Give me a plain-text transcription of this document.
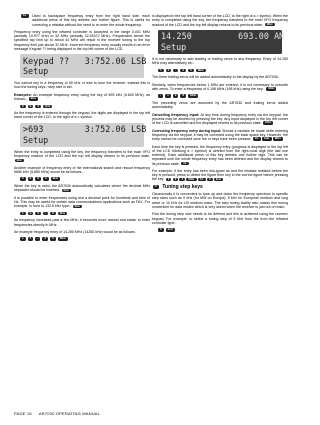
CL	Used to backspace frequency entry from the right hand side, each additional press of this key deletes one further figure. This is useful for correcting a mistake without the need to re-enter the whole frequency.

Frequency entry using the infrared controller is accepted in the range 0.001 MHz (actually 10.977 kHz) to 32 MHz (actually 32.01672 MHz). Frequencies above the specified top limit up to about 44 MHz will result in the receiver tuning to the top frequency limit just above 32 MHz. Incorrect frequency entry usually results in an error message Keypad ?? being displayed in the top left corner of the LCD.

Keypad ??   3:752.06 LSB
Setup

You cannot key in a frequency of 50 kHz or less to tune the receiver. Instead this is how the tuning keys / step size is set.

Examples: An example frequency entry using the key of 693 kHz (0.693 MHz), as follows:- kHz

6	9	3	kHz

As the frequency is entered through the keypad, the digits are displayed in the top left hand corner of the LCD, to the right of a > symbol.

>693        3:752.06 LSB
Setup

When the entry is completed using the key, the frequency transfers to the main VFO frequency readout of the LCD and the top left display returns to its previous state. kHz

Another example of frequency entry of the international search and rescue frequency 5680 kHz (5.680 MHz) would be as follows:-

5	6	8	0	kHz

When the key is used, the AR7030 automatically calculates where the decimal MHz separator should be inserted. kHz

It is possible to enter frequencies using and a decimal point for hundreds and tens of Hz. This may be useful for certain data communications applications such as FAX. For example, to tune to 132.5 kHz type:- kHz

1	3	2	•	5	kHz

As frequency increases past a few MHz, it becomes more natural and easier to enter frequencies directly in MHz.

An example frequency entry of 14.250 MHz (14250 kHz) would be as follows:-

1	4	•	2	5	MHz

is displayed in the top left hand corner of the LCD, to the right of a > symbol. When the entry is completed using the key, the frequency transfers to the main VFO frequency readout of the LCD and the top left display returns to its previous state. MHz

14.250         693.00 AM
Setup

It is not necessary to add leading or trailing zeros to any frequency. Entry of 14.250 MHz may alternatively be:-

1	4	•	2	5	MHz

The three trailing zeros will be added automatically to the display by the AR7030.

Similarly, when frequencies below 1 MHz are entered, it is not necessary to precede with zeros. To enter a frequency of 0.198 MHz (198 kHz) using the key:- MHz

•	1	9	8	MHz

The preceding zeros are assumed by the AR7030 and trailing zeros added automatically.

Cancelling frequency input: At any time during frequency entry via the keypad, the process may be aborted by pressing the key. Any input displayed in the top left corner of the LCD is cancelled and the displayed reverts to its previous state. ESC

Correcting frequency entry during input: Should a mistake be made while entering frequency via the keypad, it may be corrected using the back space key. However, the entry cannot be corrected once the or keys have been pressed. CL kHz MHz

Each time the key is pressed, the frequency entry (progress is displayed in the top left of the LCD following a > symbol) is deleted from the right-most digit (the last one entered). Each additional press of this key deletes one further digit. This can be repeated until the whole frequency entry has been deleted and the display returns to its previous state. CL

For example, if the entry has been mis-typed as and the mistake realised before the key is pressed, press to delete the figure then key in the correct figure before pressing the key. 6 9 4 MHz CL 3 kHz

C	Tuning step keys

Occasionally it is convenient to tune up and down the frequency spectrum in specific step sizes such as 9 kHz (for MW on Europe), 5 kHz for European medium and long wave or 10 kHz for US medium wave. The step tuning facility also makes fine tuning convenient for data modes which is very useful when the receiver is just out of reach.

First the tuning step size needs to be defined and this is achieved using the numeric keypad. For example, to select a tuning step of 9 kHz from the from the infrared controller type:-

9	kHz
PAGE 16 AR7030 OPERATING MANUAL
